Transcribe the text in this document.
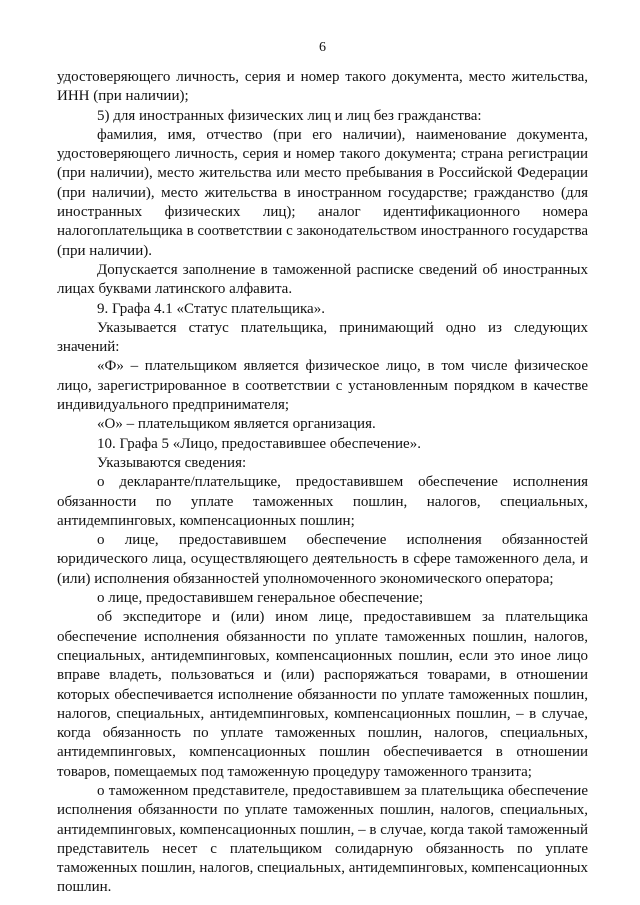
6

удостоверяющего личность, серия и номер такого документа, место жительства, ИНН (при наличии);

5) для иностранных физических лиц и лиц без гражданства:

фамилия, имя, отчество (при его наличии), наименование документа, удостоверяющего личность, серия и номер такого документа; страна регистрации (при наличии), место жительства или место пребывания в Российской Федерации (при наличии), место жительства в иностранном государстве; гражданство (для иностранных физических лиц); аналог идентификационного номера налогоплательщика в соответствии с законодательством иностранного государства (при наличии).

Допускается заполнение в таможенной расписке сведений об иностранных лицах буквами латинского алфавита.

9. Графа 4.1 «Статус плательщика».

Указывается статус плательщика, принимающий одно из следующих значений:

«Ф» – плательщиком является физическое лицо, в том числе физическое лицо, зарегистрированное в соответствии с установленным порядком в качестве индивидуального предпринимателя;

«О» – плательщиком является организация.

10. Графа 5 «Лицо, предоставившее обеспечение».

Указываются сведения:

о декларанте/плательщике, предоставившем обеспечение исполнения обязанности по уплате таможенных пошлин, налогов, специальных, антидемпинговых, компенсационных пошлин;

о лице, предоставившем обеспечение исполнения обязанностей юридического лица, осуществляющего деятельность в сфере таможенного дела, и (или) исполнения обязанностей уполномоченного экономического оператора;

о лице, предоставившем генеральное обеспечение;

об экспедиторе и (или) ином лице, предоставившем за плательщика обеспечение исполнения обязанности по уплате таможенных пошлин, налогов, специальных, антидемпинговых, компенсационных пошлин, если это иное лицо вправе владеть, пользоваться и (или) распоряжаться товарами, в отношении которых обеспечивается исполнение обязанности по уплате таможенных пошлин, налогов, специальных, антидемпинговых, компенсационных пошлин, – в случае, когда обязанность по уплате таможенных пошлин, налогов, специальных, антидемпинговых, компенсационных пошлин обеспечивается в отношении товаров, помещаемых под таможенную процедуру таможенного транзита;

о таможенном представителе, предоставившем за плательщика обеспечение исполнения обязанности по уплате таможенных пошлин, налогов, специальных, антидемпинговых, компенсационных пошлин, – в случае, когда такой таможенный представитель несет с плательщиком солидарную обязанность по уплате таможенных пошлин, налогов, специальных, антидемпинговых, компенсационных пошлин.
